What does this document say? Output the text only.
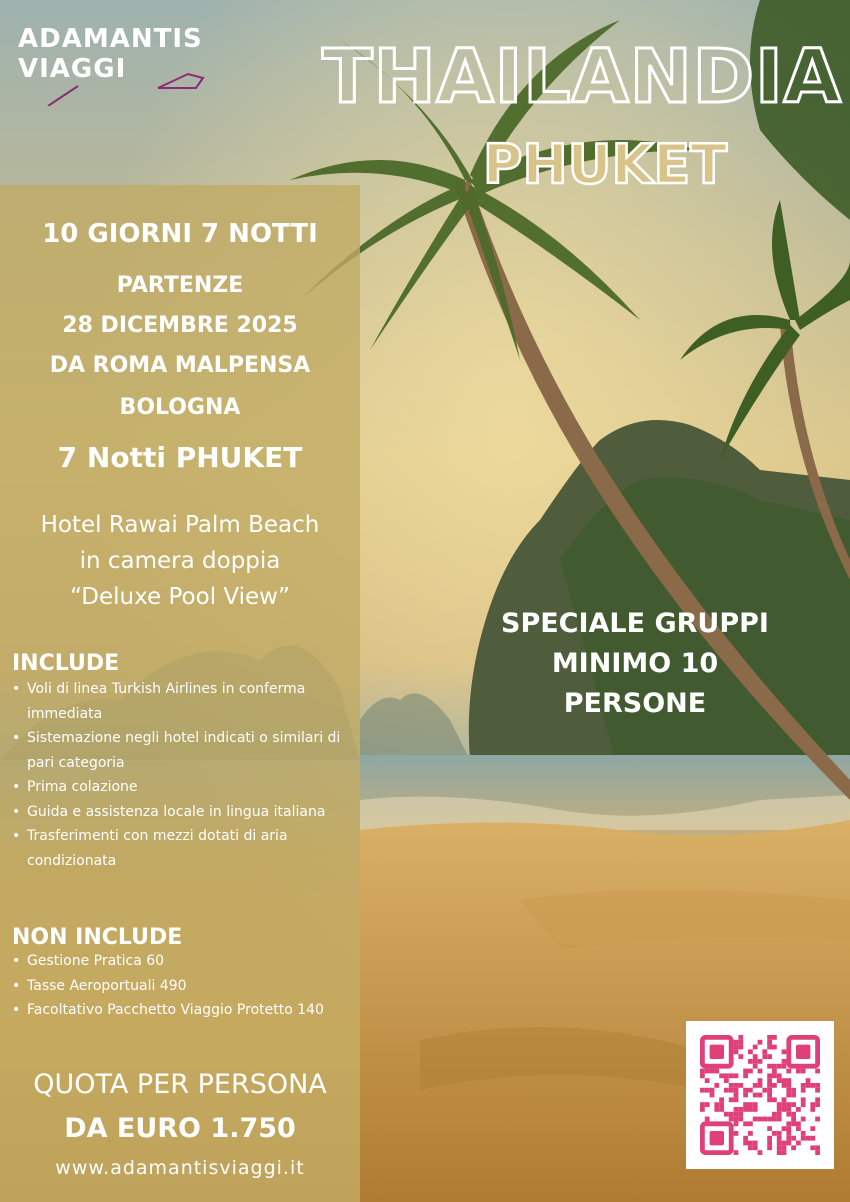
ADAMANTIS
VIAGGI	THAILANDIA
PHUKET
10 GIORNI 7 NOTTI
PARTENZE
28 DICEMBRE 2025
DA ROMA MALPENSA
BOLOGNA
7 Notti PHUKET
Hotel Rawai Palm Beach
in camera doppia
“Deluxe Pool View”
INCLUDE
• Voli di linea Turkish Airlines in conferma immediata
• Sistemazione negli hotel indicati o similari di pari categoria
• Prima colazione
• Guida e assistenza locale in lingua italiana
• Trasferimenti con mezzi dotati di aria condizionata
NON INCLUDE
• Gestione Pratica 60
• Tasse Aeroportuali 490
• Facoltativo Pacchetto Viaggio Protetto 140
QUOTA PER PERSONA
DA EURO 1.750
www.adamantisviaggi.it
SPECIALE GRUPPI
MINIMO 10
PERSONE
